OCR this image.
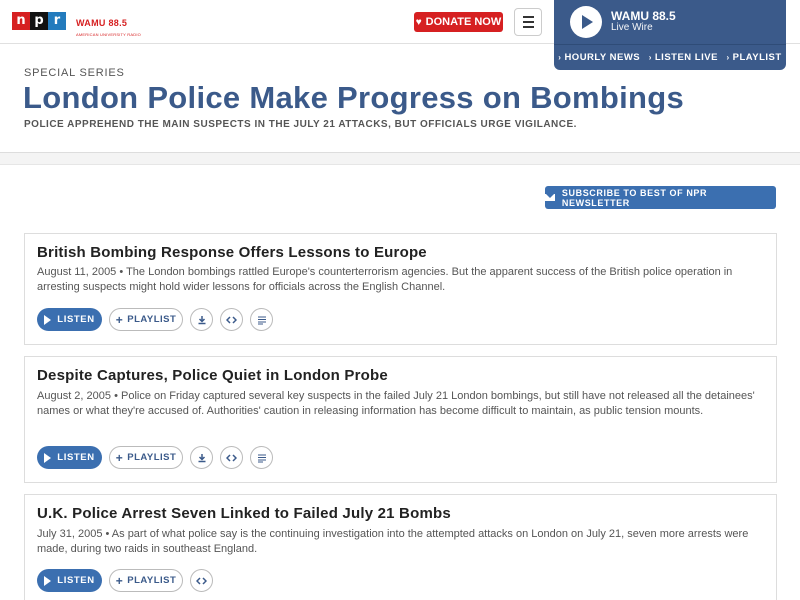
n p r	WAMU 88.5
AMERICAN UNIVERSITY RADIO
♥ DONATE NOW	WAMU 88.5
Live Wire
› HOURLY NEWS › LISTEN LIVE › PLAYLIST
SPECIAL SERIES
London Police Make Progress on Bombings
POLICE APPREHEND THE MAIN SUSPECTS IN THE JULY 21 ATTACKS, BUT OFFICIALS URGE VIGILANCE.
SUBSCRIBE TO BEST OF NPR NEWSLETTER
British Bombing Response Offers Lessons to Europe
August 11, 2005 • The London bombings rattled Europe's counterterrorism agencies. But the apparent success of the British police operation in arresting suspects might hold wider lessons for officials across the English Channel.
LISTEN + PLAYLIST
Despite Captures, Police Quiet in London Probe
August 2, 2005 • Police on Friday captured several key suspects in the failed July 21 London bombings, but still have not released all the detainees' names or what they're accused of. Authorities' caution in releasing information has become difficult to maintain, as public tension mounts.
LISTEN + PLAYLIST
U.K. Police Arrest Seven Linked to Failed July 21 Bombs
July 31, 2005 • As part of what police say is the continuing investigation into the attempted attacks on London on July 21, seven more arrests were made, during two raids in southeast England.
LISTEN + PLAYLIST
